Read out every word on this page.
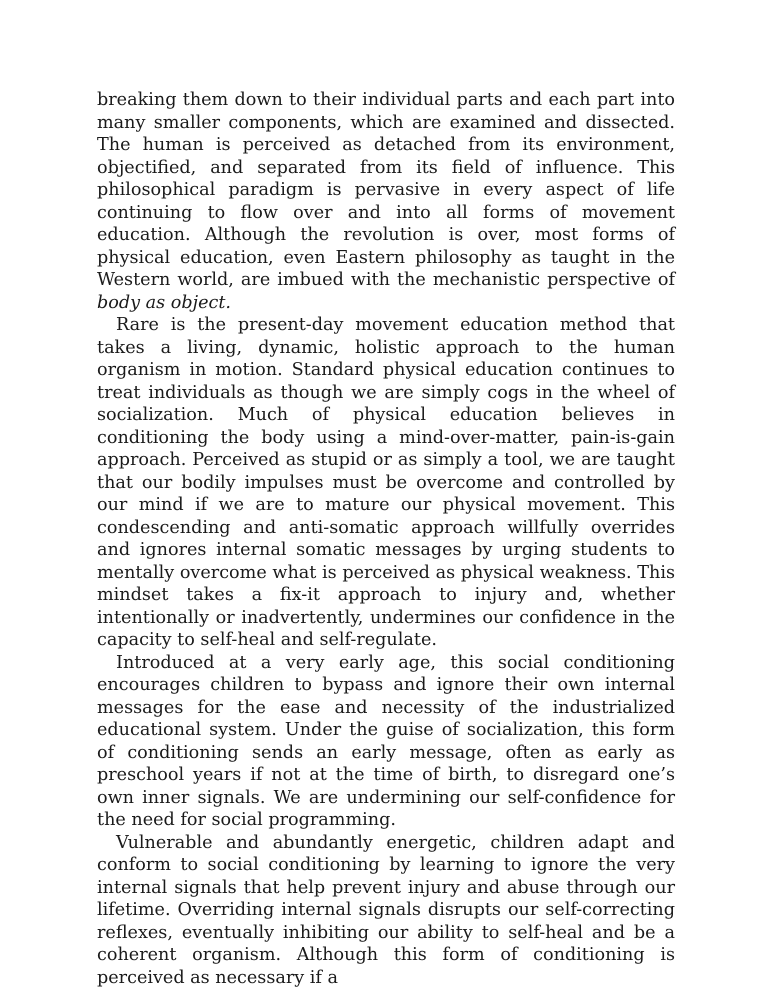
breaking them down to their individual parts and each part into many smaller components, which are examined and dissected. The human is perceived as detached from its environment, objectified, and separated from its field of influence. This philosophical paradigm is pervasive in every aspect of life continuing to flow over and into all forms of movement education. Although the revolution is over, most forms of physical education, even Eastern philosophy as taught in the Western world, are imbued with the mechanistic perspective of body as object.

Rare is the present-day movement education method that takes a living, dynamic, holistic approach to the human organism in motion. Standard physical education continues to treat individuals as though we are simply cogs in the wheel of socialization. Much of physical education believes in conditioning the body using a mind-over-matter, pain-is-gain approach. Perceived as stupid or as simply a tool, we are taught that our bodily impulses must be overcome and controlled by our mind if we are to mature our physical movement. This condescending and anti-somatic approach willfully overrides and ignores internal somatic messages by urging students to mentally overcome what is perceived as physical weakness. This mindset takes a fix-it approach to injury and, whether intentionally or inadvertently, undermines our confidence in the capacity to self-heal and self-regulate.

Introduced at a very early age, this social conditioning encourages children to bypass and ignore their own internal messages for the ease and necessity of the industrialized educational system. Under the guise of socialization, this form of conditioning sends an early message, often as early as preschool years if not at the time of birth, to disregard one’s own inner signals. We are undermining our self-confidence for the need for social programming.

Vulnerable and abundantly energetic, children adapt and conform to social conditioning by learning to ignore the very internal signals that help prevent injury and abuse through our lifetime. Overriding internal signals disrupts our self-correcting reflexes, eventually inhibiting our ability to self-heal and be a coherent organism. Although this form of conditioning is perceived as necessary if a
